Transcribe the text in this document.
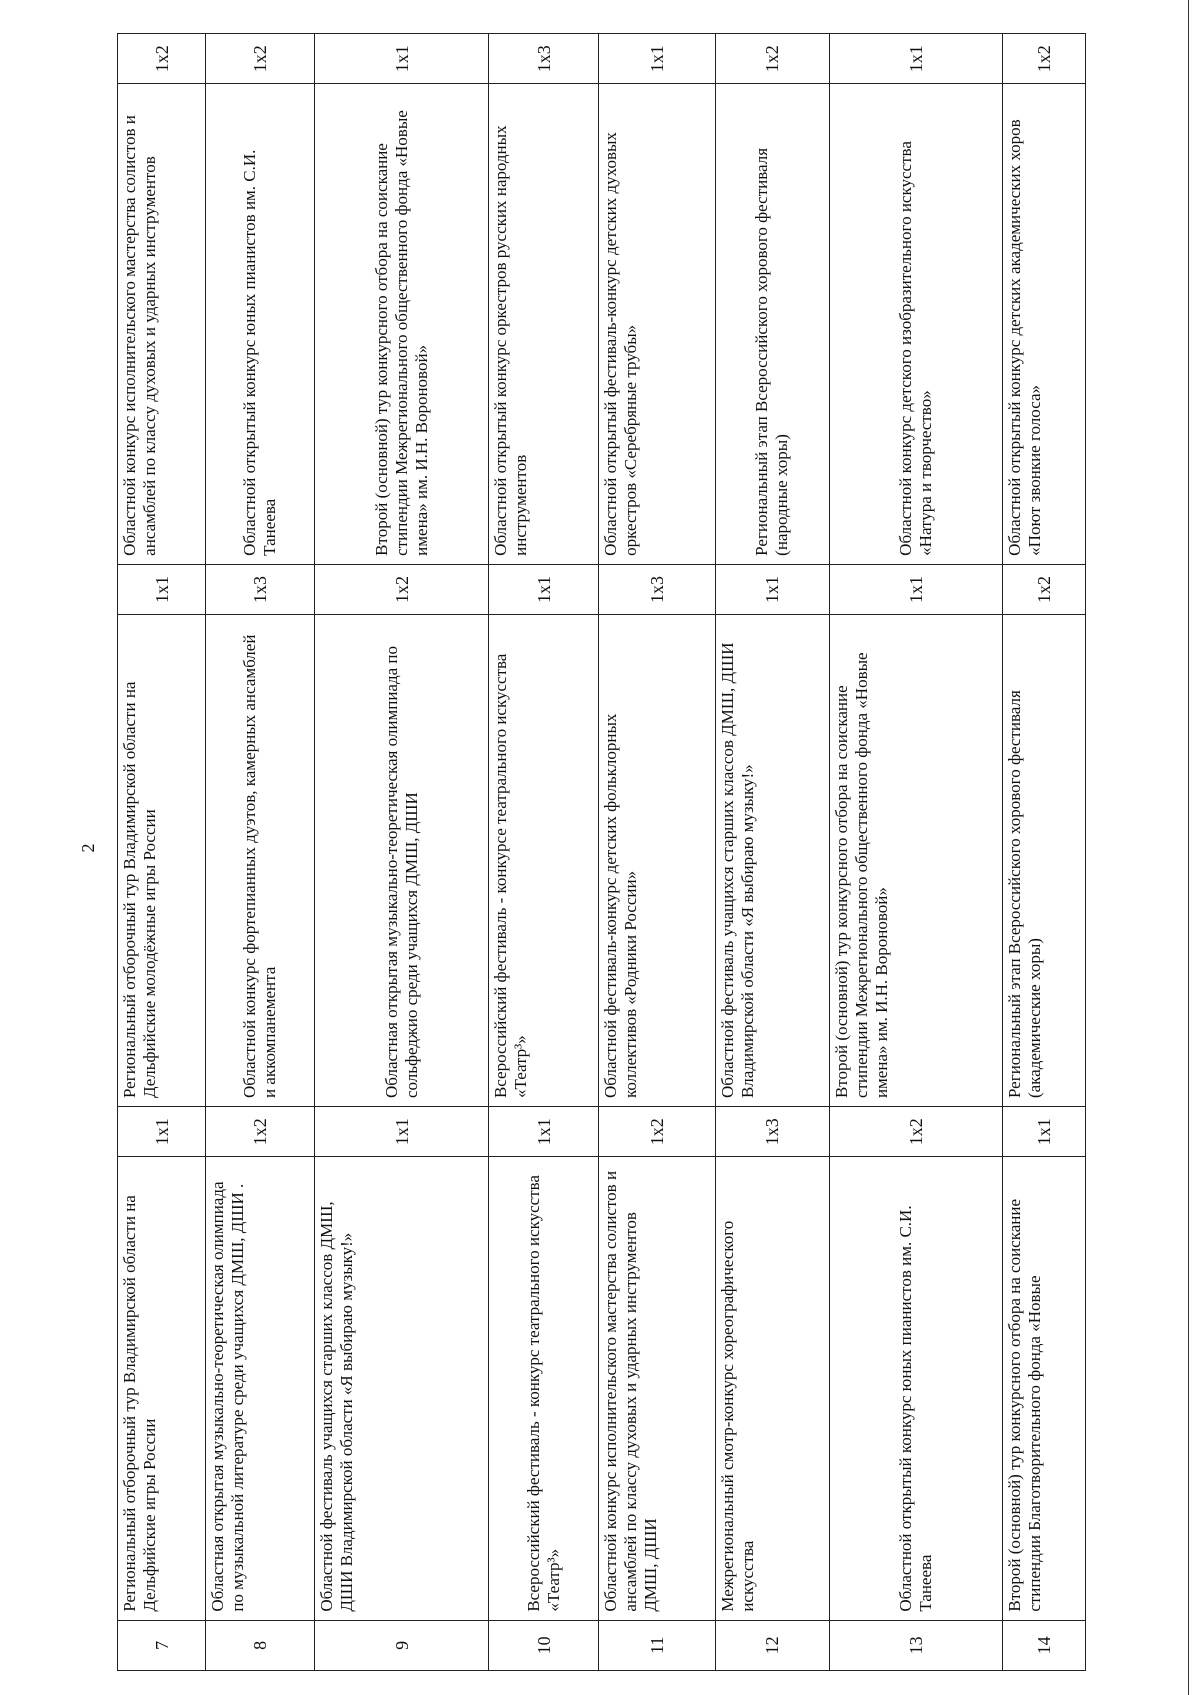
2
7	Региональный отборочный тур Владимирской области на Дельфийские игры России	1х1	Региональный отборочный тур Владимирской области на Дельфийские молодёжные игры России	1х1	Областной конкурс исполнительского мастерства солистов и ансамблей по классу духовых и ударных инструментов	1х2
8	Областная открытая музыкально-теоретическая олимпиада по музыкальной литературе среди учащихся ДМШ, ДШИ .	1х2	Областной конкурс фортепианных дуэтов, камерных ансамблей и аккомпанемента	1х3	Областной открытый конкурс юных пианистов им. С.И. Танеева	1х2
9	Областной фестиваль учащихся старших классов ДМШ, ДШИ Владимирской области «Я выбираю музыку!»	1х1	Областная открытая музыкально-теоретическая олимпиада по сольфеджио среди учащихся ДМШ, ДШИ	1х2	Второй (основной) тур конкурсного отбора на соискание стипендии Межрегионального общественного фонда «Новые имена» им. И.Н. Вороновой»	1х1
10	Всероссийский фестиваль - конкурс театрального искусства «Театр³»	1х1	Всероссийский фестиваль - конкурсе театрального искусства «Театр³»	1х1	Областной открытый конкурс оркестров русских народных инструментов	1х3
11	Областной конкурс исполнительского мастерства солистов и ансамблей по классу духовых и ударных инструментов ДМШ, ДШИ	1х2	Областной фестиваль-конкурс детских фольклорных коллективов «Родники России»	1х3	Областной открытый фестиваль-конкурс детских духовых оркестров «Серебряные трубы»	1х1
12	Межрегиональный смотр-конкурс хореографического искусства	1х3	Областной фестиваль учащихся старших классов ДМШ, ДШИ Владимирской области «Я выбираю музыку!»	1х1	Региональный этап Всероссийского хорового фестиваля (народные хоры)	1х2
13	Областной открытый конкурс юных пианистов им. С.И. Танеева	1х2	Второй (основной) тур конкурсного отбора на соискание стипендии Межрегионального общественного фонда «Новые имена» им. И.Н. Вороновой»	1х1	Областной конкурс детского изобразительного искусства «Натура и творчество»	1х1
14	Второй (основной) тур конкурсного отбора на соискание стипендии Благотворительного фонда «Новые	1х1	Региональный этап Всероссийского хорового фестиваля (академические хоры)	1х2	Областной открытый конкурс детских академических хоров «Поют звонкие голоса»	1х2
